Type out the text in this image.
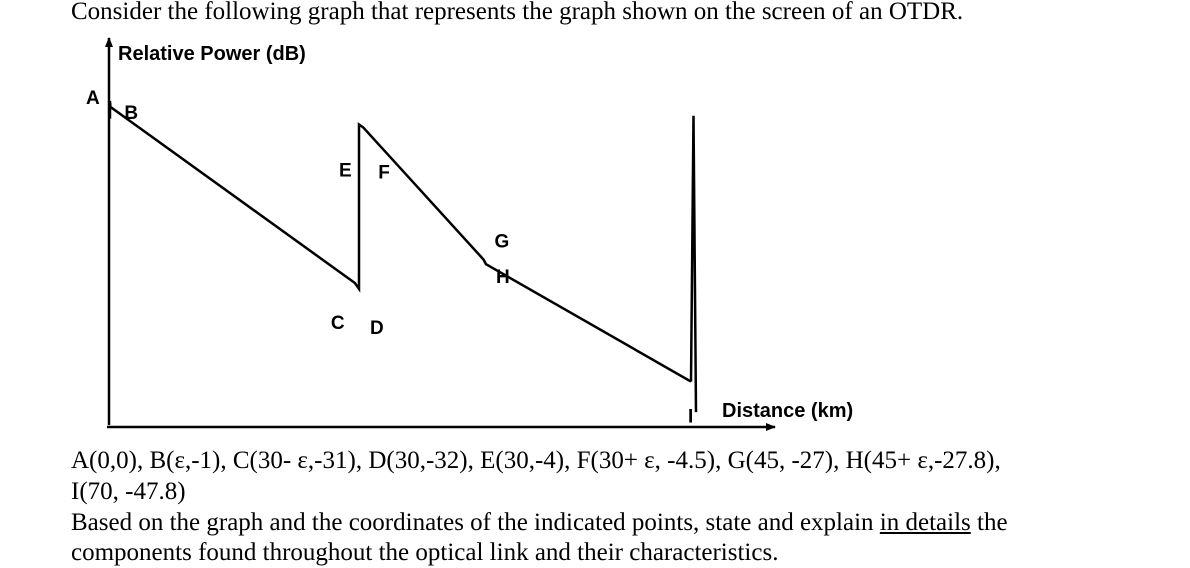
Consider the following graph that represents the graph shown on the screen of an OTDR.
Relative Power (dB)
Distance (km)
A
B
C D
E F
G
H
I
A(0,0), B(ε,-1), C(30- ε,-31), D(30,-32), E(30,-4), F(30+ ε, -4.5), G(45, -27), H(45+ ε,-27.8),
I(70, -47.8)
Based on the graph and the coordinates of the indicated points, state and explain in details the
components found throughout the optical link and their characteristics.
